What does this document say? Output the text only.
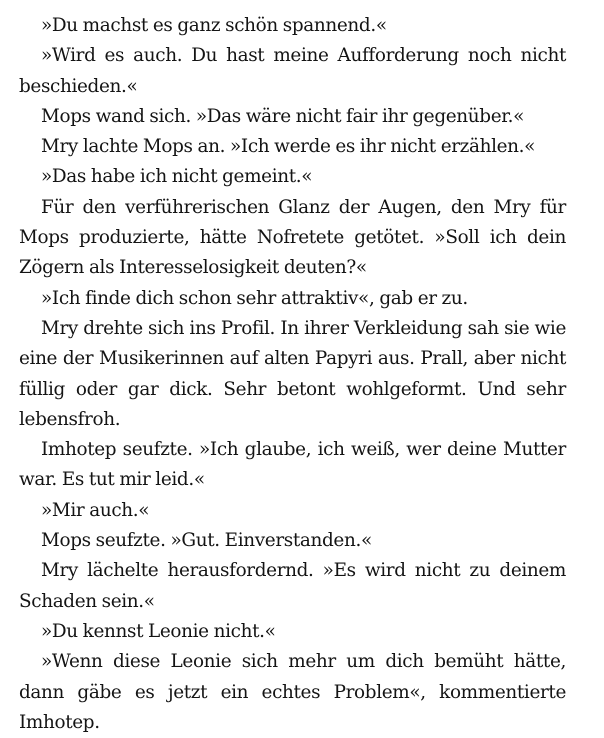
»Du machst es ganz schön spannend.«

»Wird es auch. Du hast meine Aufforderung noch nicht beschieden.«

Mops wand sich. »Das wäre nicht fair ihr gegenüber.«

Mry lachte Mops an. »Ich werde es ihr nicht erzählen.«

»Das habe ich nicht gemeint.«

Für den verführerischen Glanz der Augen, den Mry für Mops produzierte, hätte Nofretete getötet. »Soll ich dein Zögern als Interesselosigkeit deuten?«

»Ich finde dich schon sehr attraktiv«, gab er zu.

Mry drehte sich ins Profil. In ihrer Verkleidung sah sie wie eine der Musikerinnen auf alten Papyri aus. Prall, aber nicht füllig oder gar dick. Sehr betont wohlgeformt. Und sehr lebensfroh.

Imhotep seufzte. »Ich glaube, ich weiß, wer deine Mutter war. Es tut mir leid.«

»Mir auch.«

Mops seufzte. »Gut. Einverstanden.«

Mry lächelte herausfordernd. »Es wird nicht zu deinem Schaden sein.«

»Du kennst Leonie nicht.«

»Wenn diese Leonie sich mehr um dich bemüht hätte, dann gäbe es jetzt ein echtes Problem«, kommentierte Imhotep.
